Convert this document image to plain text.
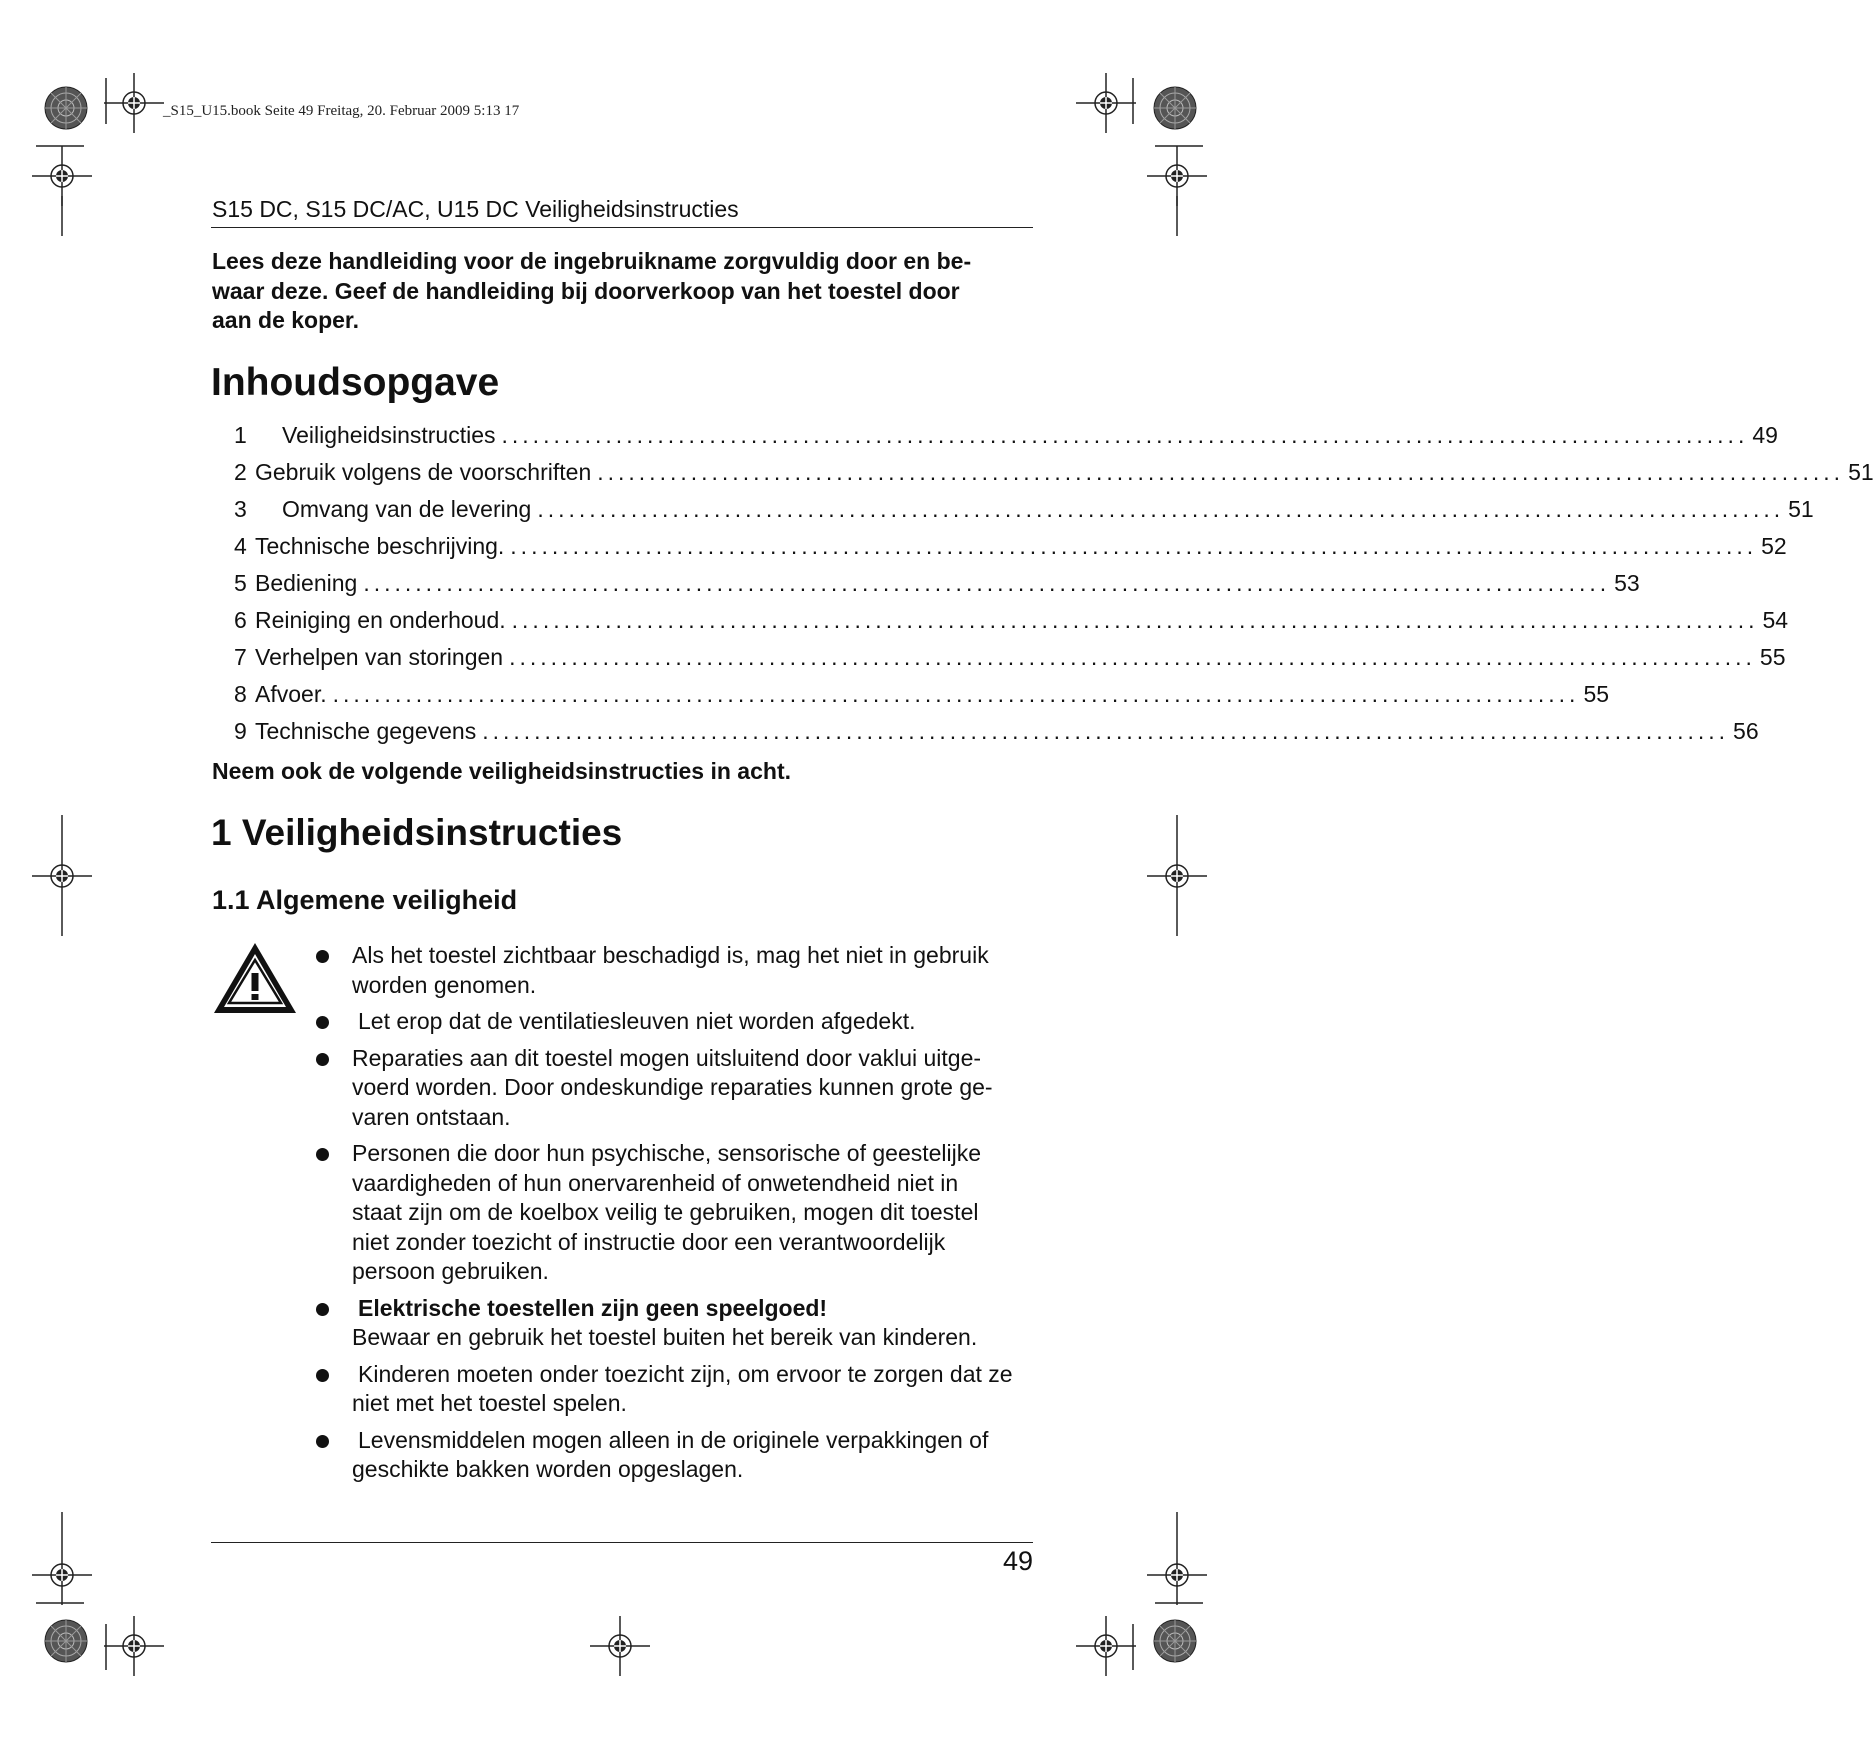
_S15_U15.book Seite 49 Freitag, 20. Februar 2009 5:13 17
S15 DC, S15 DC/AC, U15 DC Veiligheidsinstructies
Lees deze handleiding voor de ingebruikname zorgvuldig door en be-
waar deze. Geef de handleiding bij doorverkoop van het toestel door
aan de koper.
Inhoudsopgave
1	Veiligheidsinstructies ........................................................................................................................ 49
2 Gebruik volgens de voorschriften ........................................................................................................................ 51
3	Omvang van de levering ........................................................................................................................ 51
4 Technische beschrijving. ........................................................................................................................ 52
5 Bediening ........................................................................................................................ 53
6 Reiniging en onderhoud. ........................................................................................................................ 54
7 Verhelpen van storingen ........................................................................................................................ 55
8 Afvoer. ........................................................................................................................ 55
9 Technische gegevens ........................................................................................................................ 56
Neem ook de volgende veiligheidsinstructies in acht.
1 Veiligheidsinstructies
1.1 Algemene veiligheid
Als het toestel zichtbaar beschadigd is, mag het niet in gebruik
worden genomen.
Let erop dat de ventilatiesleuven niet worden afgedekt.
Reparaties aan dit toestel mogen uitsluitend door vaklui uitge-
voerd worden. Door ondeskundige reparaties kunnen grote ge-
varen ontstaan.
Personen die door hun psychische, sensorische of geestelijke
vaardigheden of hun onervarenheid of onwetendheid niet in
staat zijn om de koelbox veilig te gebruiken, mogen dit toestel
niet zonder toezicht of instructie door een verantwoordelijk
persoon gebruiken.
Elektrische toestellen zijn geen speelgoed!
Bewaar en gebruik het toestel buiten het bereik van kinderen.
Kinderen moeten onder toezicht zijn, om ervoor te zorgen dat ze
niet met het toestel spelen.
Levensmiddelen mogen alleen in de originele verpakkingen of
geschikte bakken worden opgeslagen.
49
